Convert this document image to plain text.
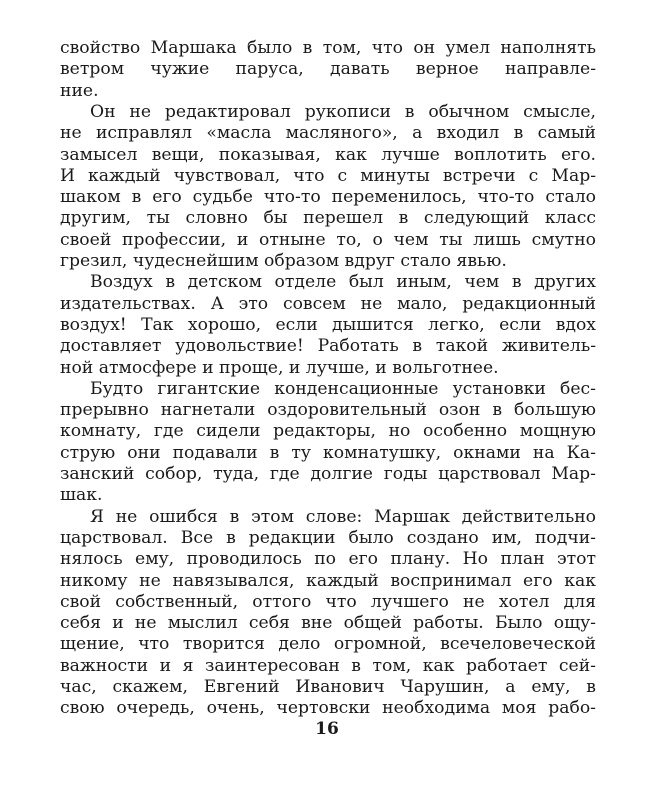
свойство Маршака было в том, что он умел наполнять
ветром чужие паруса, давать верное направле-
ние.
Он не редактировал рукописи в обычном смысле,
не исправлял «масла масляного», а входил в самый
замысел вещи, показывая, как лучше воплотить его.
И каждый чувствовал, что с минуты встречи с Мар-
шаком в его судьбе что-то переменилось, что-то стало
другим, ты словно бы перешел в следующий класс
своей профессии, и отныне то, о чем ты лишь смутно
грезил, чудеснейшим образом вдруг стало явью.
Воздух в детском отделе был иным, чем в других
издательствах. А это совсем не мало, редакционный
воздух! Так хорошо, если дышится легко, если вдох
доставляет удовольствие! Работать в такой живитель-
ной атмосфере и проще, и лучше, и вольготнее.
Будто гигантские конденсационные установки бес-
прерывно нагнетали оздоровительный озон в большую
комнату, где сидели редакторы, но особенно мощную
струю они подавали в ту комнатушку, окнами на Ка-
занский собор, туда, где долгие годы царствовал Мар-
шак.
Я не ошибся в этом слове: Маршак действительно
царствовал. Все в редакции было создано им, подчи-
нялось ему, проводилось по его плану. Но план этот
никому не навязывался, каждый воспринимал его как
свой собственный, оттого что лучшего не хотел для
себя и не мыслил себя вне общей работы. Было ощу-
щение, что творится дело огромной, всечеловеческой
важности и я заинтересован в том, как работает сей-
час, скажем, Евгений Иванович Чарушин, а ему, в
свою очередь, очень, чертовски необходима моя рабо-
16
